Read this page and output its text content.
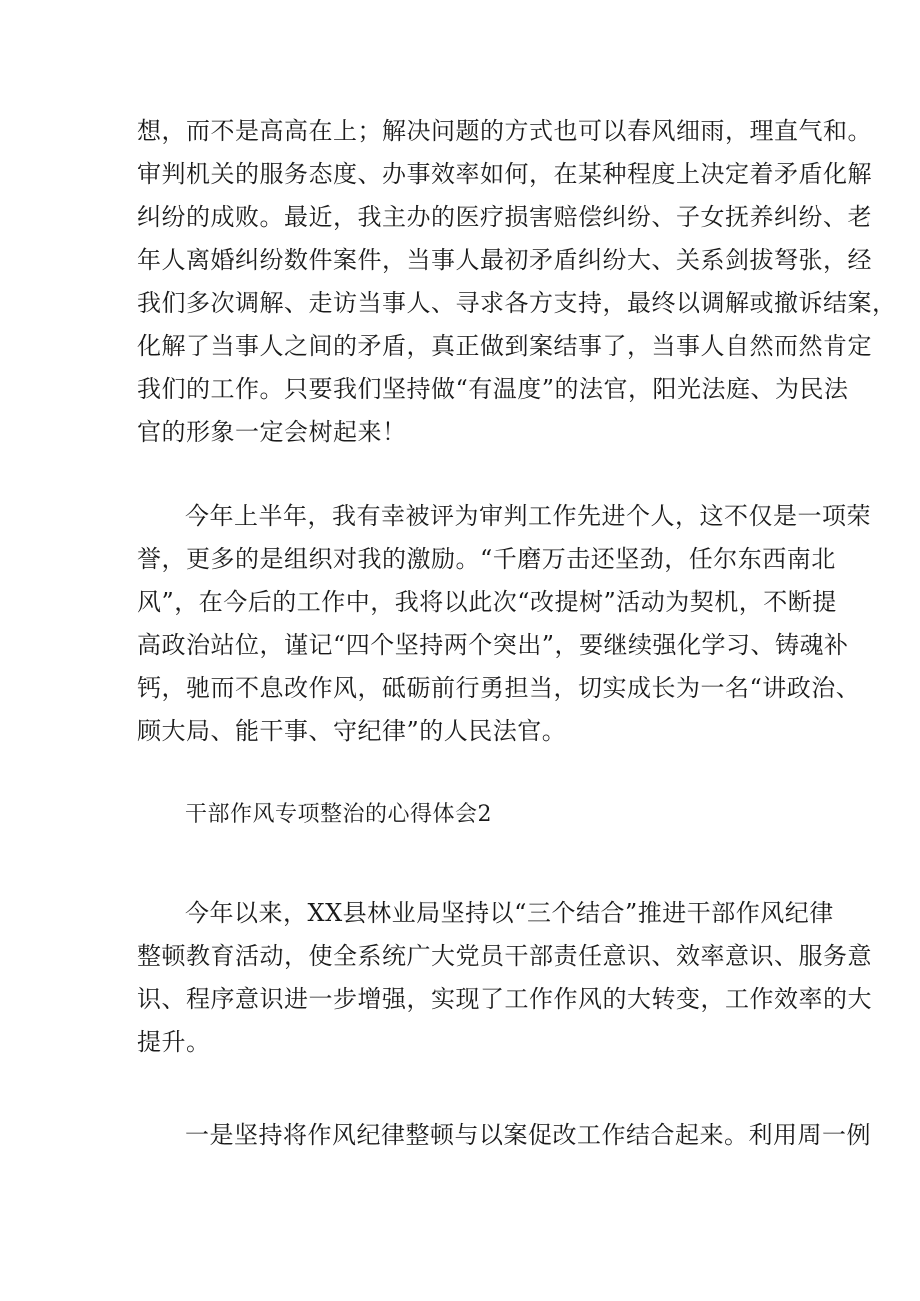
想，而不是高高在上；解决问题的方式也可以春风细雨，理直气和。
审判机关的服务态度、办事效率如何，在某种程度上决定着矛盾化解
纠纷的成败。最近，我主办的医疗损害赔偿纠纷、子女抚养纠纷、老
年人离婚纠纷数件案件，当事人最初矛盾纠纷大、关系剑拔弩张，经
我们多次调解、走访当事人、寻求各方支持，最终以调解或撤诉结案，
化解了当事人之间的矛盾，真正做到案结事了，当事人自然而然肯定
我们的工作。只要我们坚持做“有温度”的法官，阳光法庭、为民法
官的形象一定会树起来！
今年上半年，我有幸被评为审判工作先进个人，这不仅是一项荣
誉，更多的是组织对我的激励。“千磨万击还坚劲，任尔东西南北
风”，在今后的工作中，我将以此次“改提树”活动为契机，不断提
高政治站位，谨记“四个坚持两个突出”，要继续强化学习、铸魂补
钙，驰而不息改作风，砥砺前行勇担当，切实成长为一名“讲政治、
顾大局、能干事、守纪律”的人民法官。
干部作风专项整治的心得体会2
今年以来，XX县林业局坚持以“三个结合”推进干部作风纪律
整顿教育活动，使全系统广大党员干部责任意识、效率意识、服务意
识、程序意识进一步增强，实现了工作作风的大转变，工作效率的大
提升。
一是坚持将作风纪律整顿与以案促改工作结合起来。利用周一例
